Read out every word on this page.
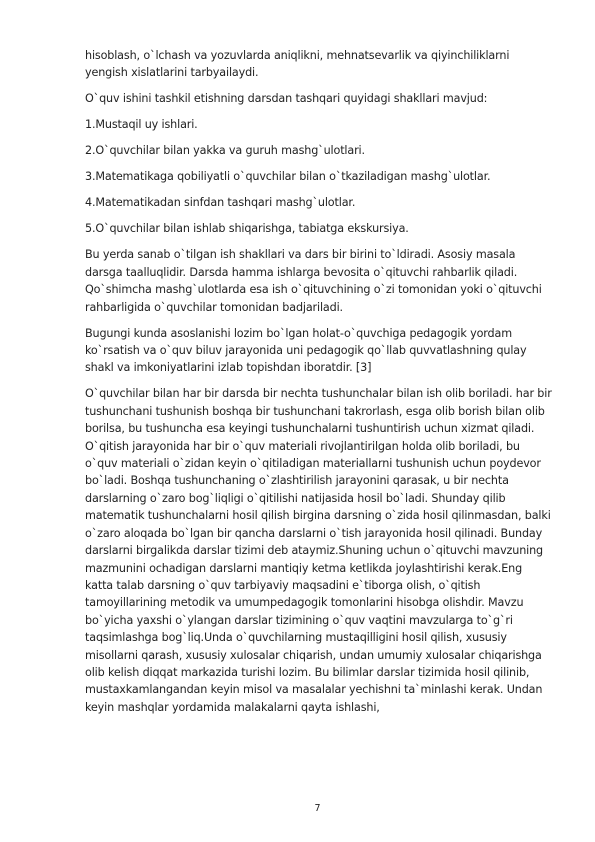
hisoblash, o`lchash va yozuvlarda aniqlikni, mehnatsevarlik va qiyinchiliklarni yengish xislatlarini tarbyailaydi.

O`quv ishini tashkil etishning darsdan tashqari quyidagi shakllari mavjud:

1.Mustaqil uy ishlari.

2.O`quvchilar bilan yakka va guruh mashg`ulotlari.

3.Matematikaga qobiliyatli o`quvchilar bilan o`tkaziladigan mashg`ulotlar.

4.Matematikadan sinfdan tashqari mashg`ulotlar.

5.O`quvchilar bilan ishlab shiqarishga, tabiatga ekskursiya.

Bu yerda sanab o`tilgan ish shakllari va dars bir birini to`ldiradi. Asosiy masala darsga taalluqlidir. Darsda hamma ishlarga bevosita o`qituvchi rahbarlik qiladi. Qo`shimcha mashg`ulotlarda esa ish o`qituvchining o`zi tomonidan yoki o`qituvchi rahbarligida o`quvchilar tomonidan badjariladi.

Bugungi kunda asoslanishi lozim bo`lgan holat-o`quvchiga pedagogik yordam ko`rsatish va o`quv biluv jarayonida uni pedagogik qo`llab quvvatlashning qulay shakl va imkoniyatlarini izlab topishdan iboratdir. [3]

O`quvchilar bilan har bir darsda bir nechta tushunchalar bilan ish olib boriladi. har bir tushunchani tushunish boshqa bir tushunchani takrorlash, esga olib borish bilan olib borilsa, bu tushuncha esa keyingi tushunchalarni tushuntirish uchun xizmat qiladi. O`qitish jarayonida har bir o`quv materiali rivojlantirilgan holda olib boriladi, bu o`quv materiali o`zidan keyin o`qitiladigan materiallarni tushunish uchun poydevor bo`ladi. Boshqa tushunchaning o`zlashtirilish jarayonini qarasak, u bir nechta darslarning o`zaro bog`liqligi o`qitilishi natijasida hosil bo`ladi. Shunday qilib matematik tushunchalarni hosil qilish birgina darsning o`zida hosil qilinmasdan, balki o`zaro aloqada bo`lgan bir qancha darslarni o`tish jarayonida hosil qilinadi. Bunday darslarni birgalikda darslar tizimi deb ataymiz.Shuning uchun o`qituvchi mavzuning mazmunini ochadigan darslarni mantiqiy ketma ketlikda joylashtirishi kerak.Eng katta talab darsning o`quv tarbiyaviy maqsadini e`tiborga olish, o`qitish tamoyillarining metodik va umumpedagogik tomonlarini hisobga olishdir. Mavzu bo`yicha yaxshi o`ylangan darslar tizimining o`quv vaqtini mavzularga to`g`ri taqsimlashga bog`liq.Unda o`quvchilarning mustaqilligini hosil qilish, xususiy misollarni qarash, xususiy xulosalar chiqarish, undan umumiy xulosalar chiqarishga olib kelish diqqat markazida turishi lozim. Bu bilimlar darslar tizimida hosil qilinib, mustaxkamlangandan keyin misol va masalalar yechishni ta`minlashi kerak. Undan keyin mashqlar yordamida malakalarni qayta ishlashi,

7
